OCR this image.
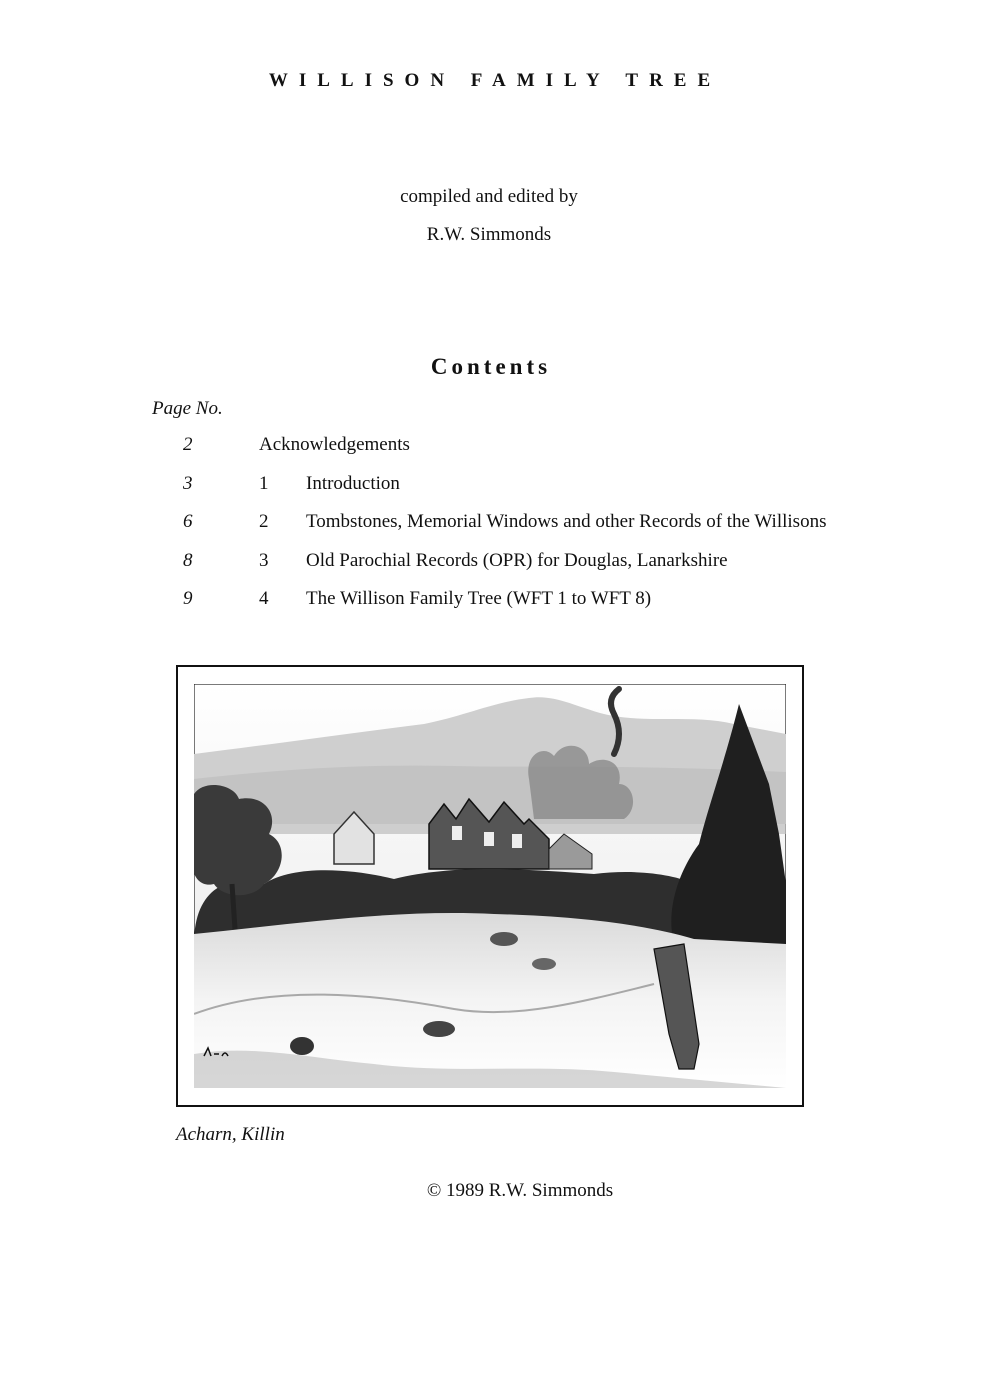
WILLISON FAMILY TREE
compiled and edited by
R.W. Simmonds
Contents
Page No.
2	Acknowledgements
3	1 Introduction
6	2 Tombstones, Memorial Windows and other Records of the Willisons
8	3 Old Parochial Records (OPR) for Douglas, Lanarkshire
9	4 The Willison Family Tree (WFT 1 to WFT 8)
Acharn, Killin
© 1989 R.W. Simmonds
